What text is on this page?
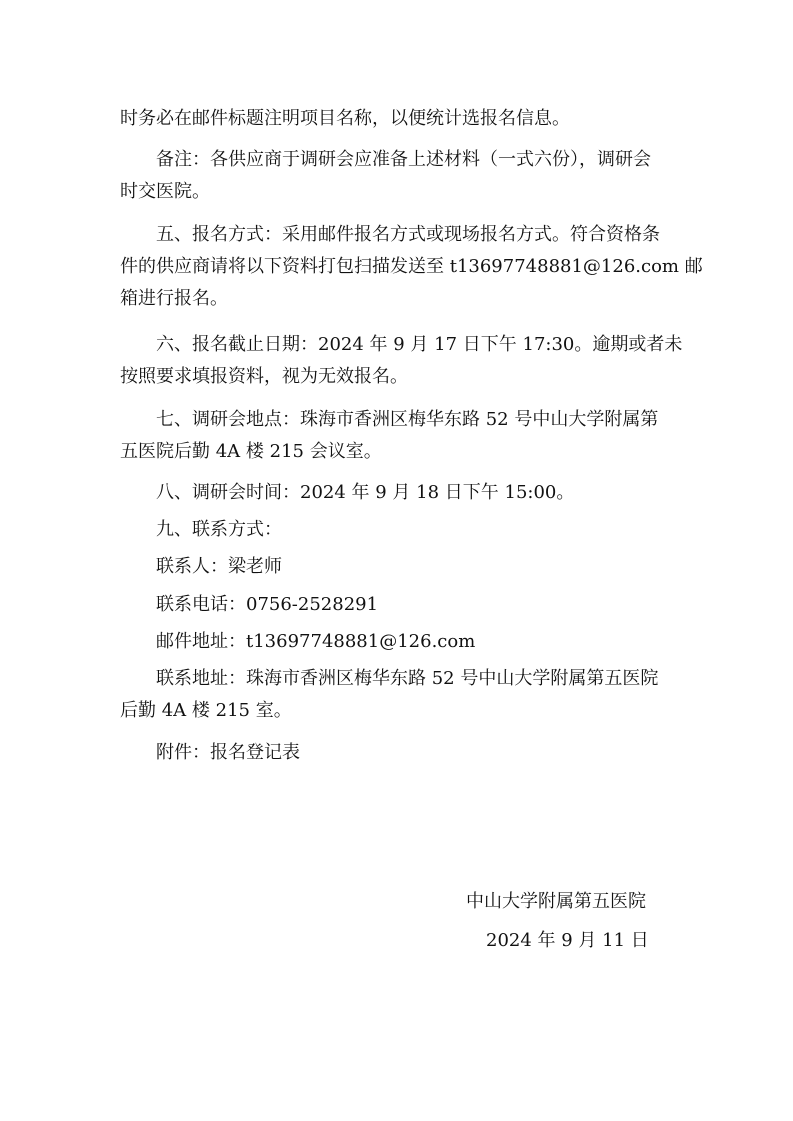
时务必在邮件标题注明项目名称，以便统计选报名信息。

备注：各供应商于调研会应准备上述材料（一式六份），调研会
时交医院。

五、报名方式：采用邮件报名方式或现场报名方式。符合资格条
件的供应商请将以下资料打包扫描发送至 t13697748881@126.com 邮
箱进行报名。

六、报名截止日期：2024 年 9 月 17 日下午 17:30。逾期或者未
按照要求填报资料，视为无效报名。

七、调研会地点：珠海市香洲区梅华东路 52 号中山大学附属第
五医院后勤 4A 楼 215 会议室。

八、调研会时间：2024 年 9 月 18 日下午 15:00。

九、联系方式：

联系人：梁老师

联系电话：0756-2528291

邮件地址：t13697748881@126.com

联系地址：珠海市香洲区梅华东路 52 号中山大学附属第五医院
后勤 4A 楼 215 室。

附件：报名登记表

中山大学附属第五医院
2024 年 9 月 11 日
